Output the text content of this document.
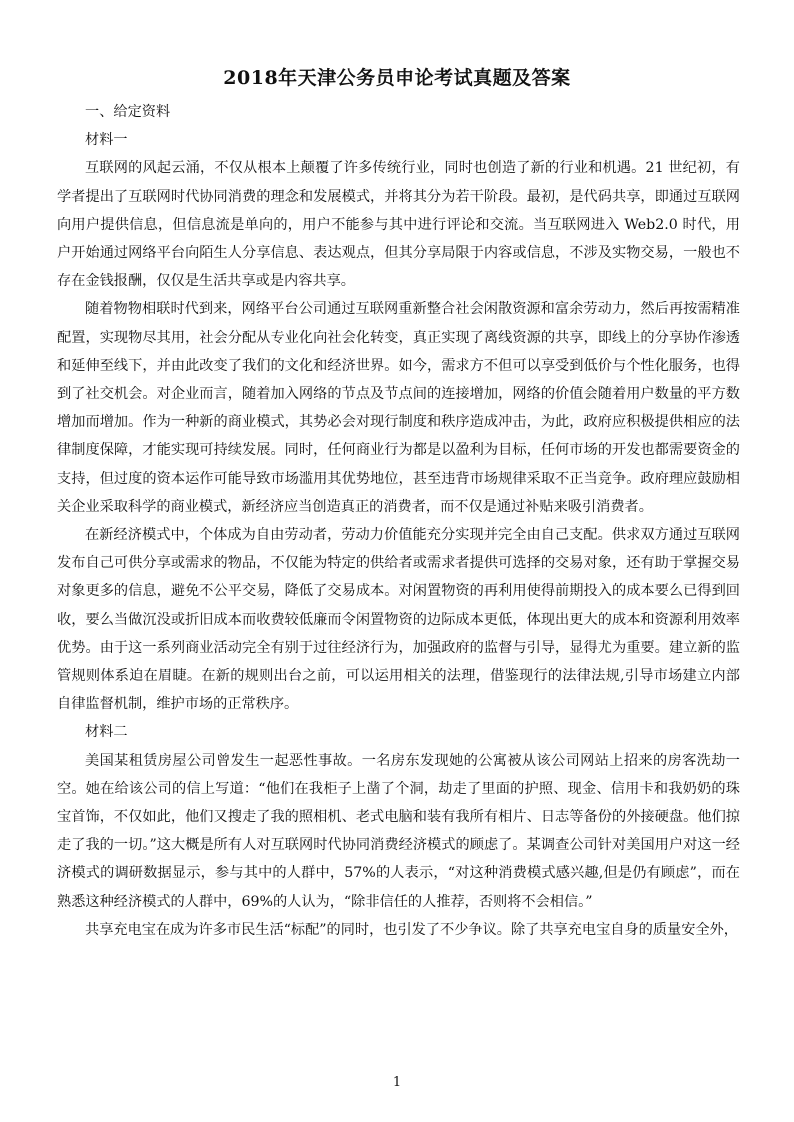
2018年天津公务员申论考试真题及答案

一、给定资料

材料一

互联网的风起云涌，不仅从根本上颠覆了许多传统行业，同时也创造了新的行业和机遇。21 世纪初，有学者提出了互联网时代协同消费的理念和发展模式，并将其分为若干阶段。最初，是代码共享，即通过互联网向用户提供信息，但信息流是单向的，用户不能参与其中进行评论和交流。当互联网进入 Web2.0 时代，用户开始通过网络平台向陌生人分享信息、表达观点，但其分享局限于内容或信息，不涉及实物交易，一般也不存在金钱报酬，仅仅是生活共享或是内容共享。

随着物物相联时代到来，网络平台公司通过互联网重新整合社会闲散资源和富余劳动力，然后再按需精准配置，实现物尽其用，社会分配从专业化向社会化转变，真正实现了离线资源的共享，即线上的分享协作渗透和延伸至线下，并由此改变了我们的文化和经济世界。如今，需求方不但可以享受到低价与个性化服务，也得到了社交机会。对企业而言，随着加入网络的节点及节点间的连接增加，网络的价值会随着用户数量的平方数增加而增加。作为一种新的商业模式，其势必会对现行制度和秩序造成冲击，为此，政府应积极提供相应的法律制度保障，才能实现可持续发展。同时，任何商业行为都是以盈利为目标，任何市场的开发也都需要资金的支持，但过度的资本运作可能导致市场滥用其优势地位，甚至违背市场规律采取不正当竞争。政府理应鼓励相关企业采取科学的商业模式，新经济应当创造真正的消费者，而不仅是通过补贴来吸引消费者。

在新经济模式中，个体成为自由劳动者，劳动力价值能充分实现并完全由自己支配。供求双方通过互联网发布自己可供分享或需求的物品，不仅能为特定的供给者或需求者提供可选择的交易对象，还有助于掌握交易对象更多的信息，避免不公平交易，降低了交易成本。对闲置物资的再利用使得前期投入的成本要么已得到回收，要么当做沉没或折旧成本而收费较低廉而令闲置物资的边际成本更低，体现出更大的成本和资源利用效率优势。由于这一系列商业活动完全有别于过往经济行为，加强政府的监督与引导，显得尤为重要。建立新的监管规则体系迫在眉睫。在新的规则出台之前，可以运用相关的法理，借鉴现行的法律法规,引导市场建立内部自律监督机制，维护市场的正常秩序。

材料二

美国某租赁房屋公司曾发生一起恶性事故。一名房东发现她的公寓被从该公司网站上招来的房客洗劫一空。她在给该公司的信上写道：“他们在我柜子上凿了个洞，劫走了里面的护照、现金、信用卡和我奶奶的珠宝首饰，不仅如此，他们又搜走了我的照相机、老式电脑和装有我所有相片、日志等备份的外接硬盘。他们掠走了我的一切。”这大概是所有人对互联网时代协同消费经济模式的顾虑了。某调查公司针对美国用户对这一经济模式的调研数据显示，参与其中的人群中，57%的人表示，“对这种消费模式感兴趣,但是仍有顾虑”，而在熟悉这种经济模式的人群中，69%的人认为，“除非信任的人推荐，否则将不会相信。”

共享充电宝在成为许多市民生活“标配”的同时，也引发了不少争议。除了共享充电宝自身的质量安全外，

1
